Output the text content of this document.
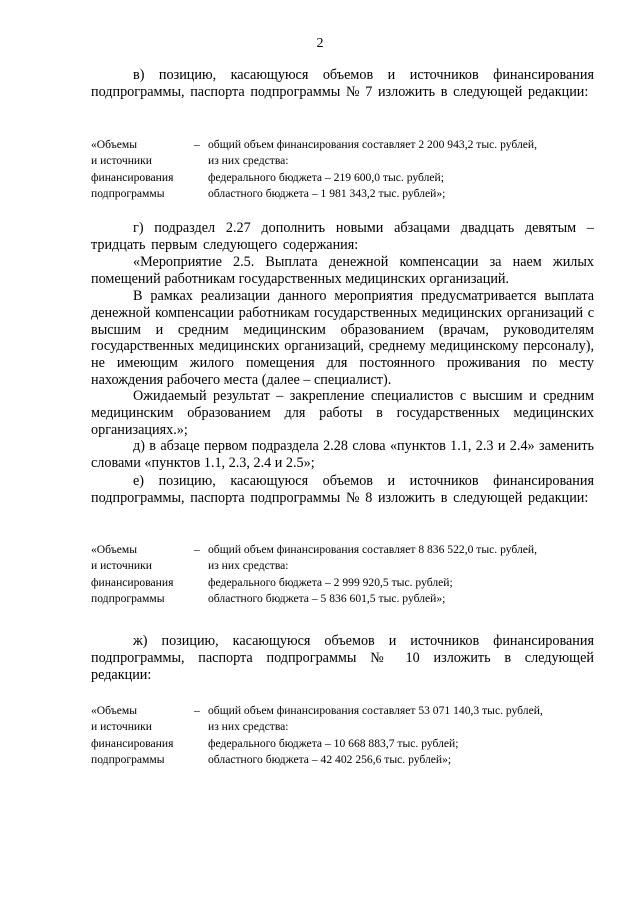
2

в) позицию, касающуюся объемов и источников финансирования подпрограммы, паспорта подпрограммы № 7 изложить в следующей редакции:

«Объемы
и источники
финансирования
подпрограммы
– общий объем финансирования составляет 2 200 943,2 тыс. рублей,
из них средства:
федерального бюджета – 219 600,0 тыс. рублей;
областного бюджета – 1 981 343,2 тыс. рублей»;

г) подраздел 2.27 дополнить новыми абзацами двадцать девятым – тридцать первым следующего содержания:

«Мероприятие 2.5. Выплата денежной компенсации за наем жилых помещений работникам государственных медицинских организаций.

В рамках реализации данного мероприятия предусматривается выплата денежной компенсации работникам государственных медицинских организаций с высшим и средним медицинским образованием (врачам, руководителям государственных медицинских организаций, среднему медицинскому персоналу), не имеющим жилого помещения для постоянного проживания по месту нахождения рабочего места (далее – специалист).

Ожидаемый результат – закрепление специалистов с высшим и средним медицинским образованием для работы в государственных медицинских организациях.»;

д) в абзаце первом подраздела 2.28 слова «пунктов 1.1, 2.3 и 2.4» заменить словами «пунктов 1.1, 2.3, 2.4 и 2.5»;

е) позицию, касающуюся объемов и источников финансирования подпрограммы, паспорта подпрограммы № 8 изложить в следующей редакции:

«Объемы
и источники
финансирования
подпрограммы
– общий объем финансирования составляет 8 836 522,0 тыс. рублей,
из них средства:
федерального бюджета – 2 999 920,5 тыс. рублей;
областного бюджета – 5 836 601,5 тыс. рублей»;

ж) позицию, касающуюся объемов и источников финансирования подпрограммы, паспорта подпрограммы № 10 изложить в следующей редакции:

«Объемы
и источники
финансирования
подпрограммы
– общий объем финансирования составляет 53 071 140,3 тыс. рублей,
из них средства:
федерального бюджета – 10 668 883,7 тыс. рублей;
областного бюджета – 42 402 256,6 тыс. рублей»;
